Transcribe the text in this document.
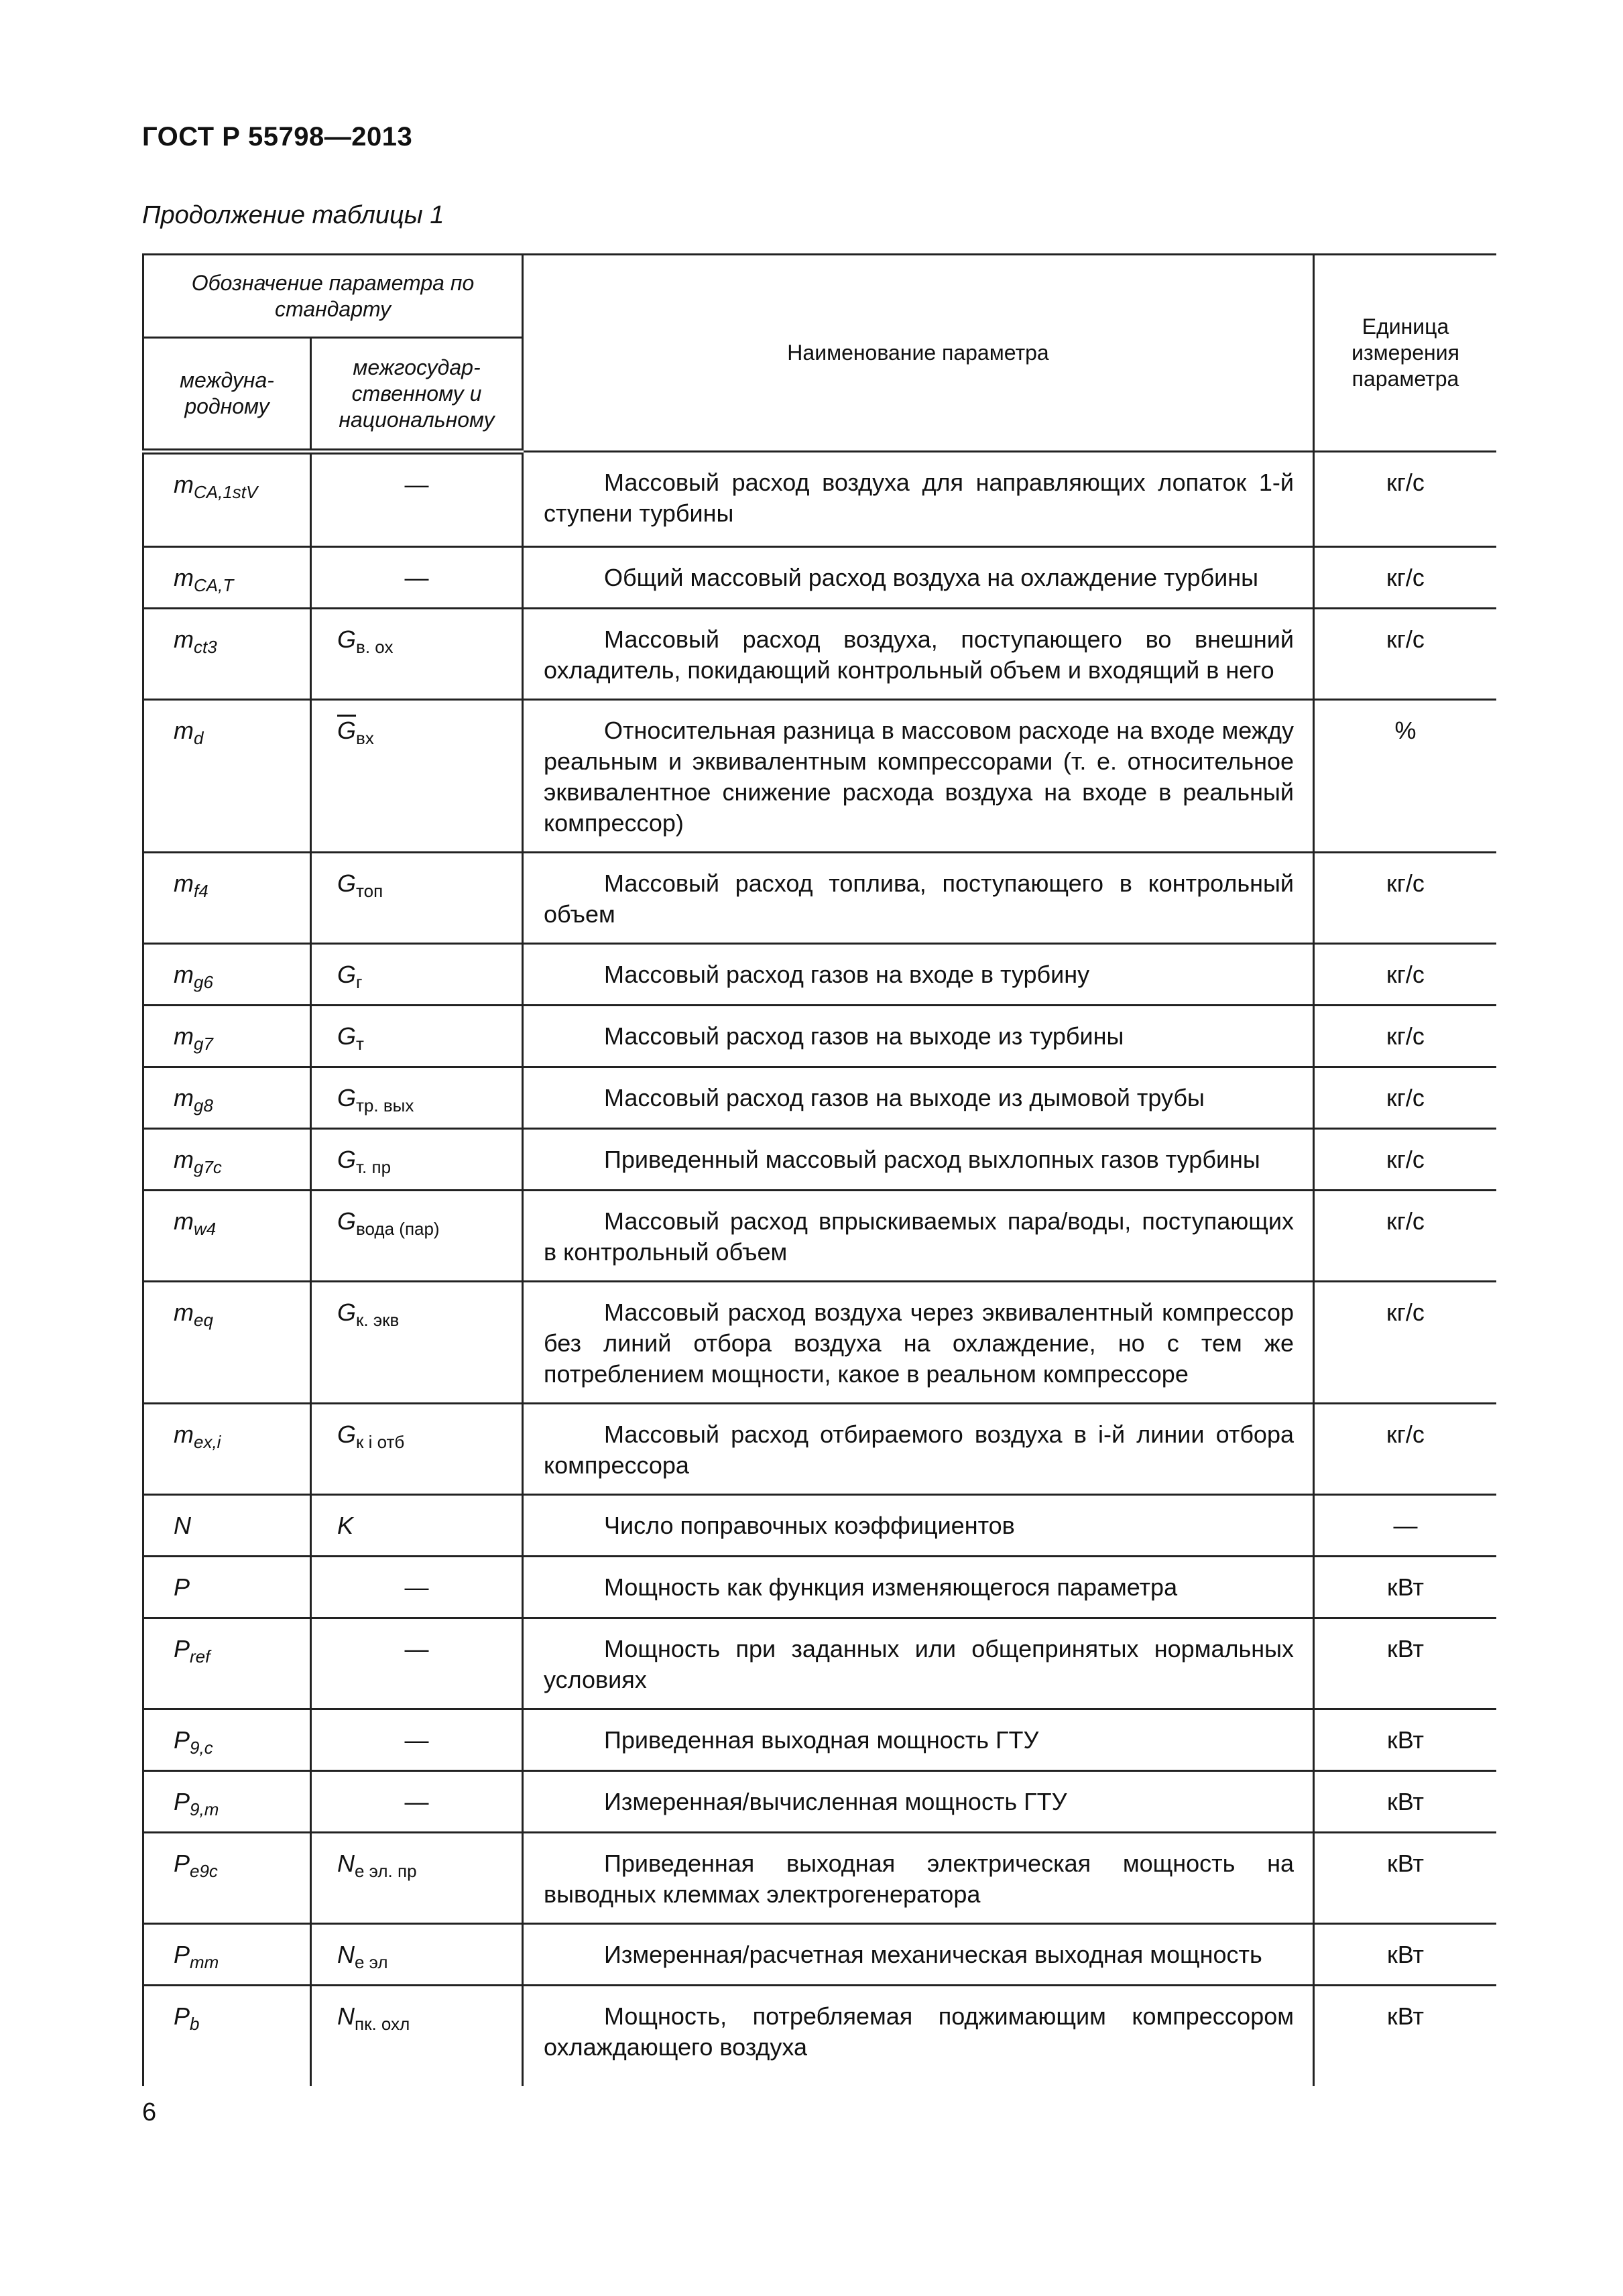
ГОСТ Р 55798—2013
Продолжение таблицы 1
Обозначение параметра по стандарту		Наименование параметра	Единица измерения параметра

междуна-родному	межгосудар-ственному и национальному		

$m_{CA,1stV}$	—	Массовый расход воздуха для направляющих лопаток 1-й ступени турбины	кг/с
$m_{CA,T}$	—	Общий массовый расход воздуха на охлаждение турбины	кг/с
$m_{ct3}$	$G_{в. ох}$	Массовый расход воздуха, поступающего во внешний охладитель, покидающий контрольный объем и входящий в него	кг/с
$m_d$	$\overline{G}_{вх}$	Относительная разница в массовом расходе на входе между реальным и эквивалентным компрессорами (т. е. относительное эквивалентное снижение расхода воздуха на входе в реальный компрессор)	%
$m_{f4}$	$G_{топ}$	Массовый расход топлива, поступающего в контрольный объем	кг/с
$m_{g6}$	$G_г$	Массовый расход газов на входе в турбину	кг/с
$m_{g7}$	$G_т$	Массовый расход газов на выходе из турбины	кг/с
$m_{g8}$	$G_{тр. вых}$	Массовый расход газов на выходе из дымовой трубы	кг/с
$m_{g7c}$	$G_{т. пр}$	Приведенный массовый расход выхлопных газов турбины	кг/с
$m_{w4}$	$G_{вода (пар)}$	Массовый расход впрыскиваемых пара/воды, поступающих в контрольный объем	кг/с
$m_{eq}$	$G_{к. экв}$	Массовый расход воздуха через эквивалентный компрессор без линий отбора воздуха на охлаждение, но с тем же потреблением мощности, какое в реальном компрессоре	кг/с
$m_{ex,i}$	$G_{к i отб}$	Массовый расход отбираемого воздуха в i-й линии отбора компрессора	кг/с
N	K	Число поправочных коэффициентов	—
P	—	Мощность как функция изменяющегося параметра	кВт
$P_{ref}$	—	Мощность при заданных или общепринятых нормальных условиях	кВт
$P_{9,c}$	—	Приведенная выходная мощность ГТУ	кВт
$P_{9,m}$	—	Измеренная/вычисленная мощность ГТУ	кВт
$P_{e9c}$	$N_{e эл. пр}$	Приведенная выходная электрическая мощность на выводных клеммах электрогенератора	кВт
$P_{mm}$	$N_{e эл}$	Измеренная/расчетная механическая выходная мощность	кВт
$P_b$	$N_{пк. охл}$	Мощность, потребляемая поджимающим компрессором охлаждающего воздуха	кВт
6
